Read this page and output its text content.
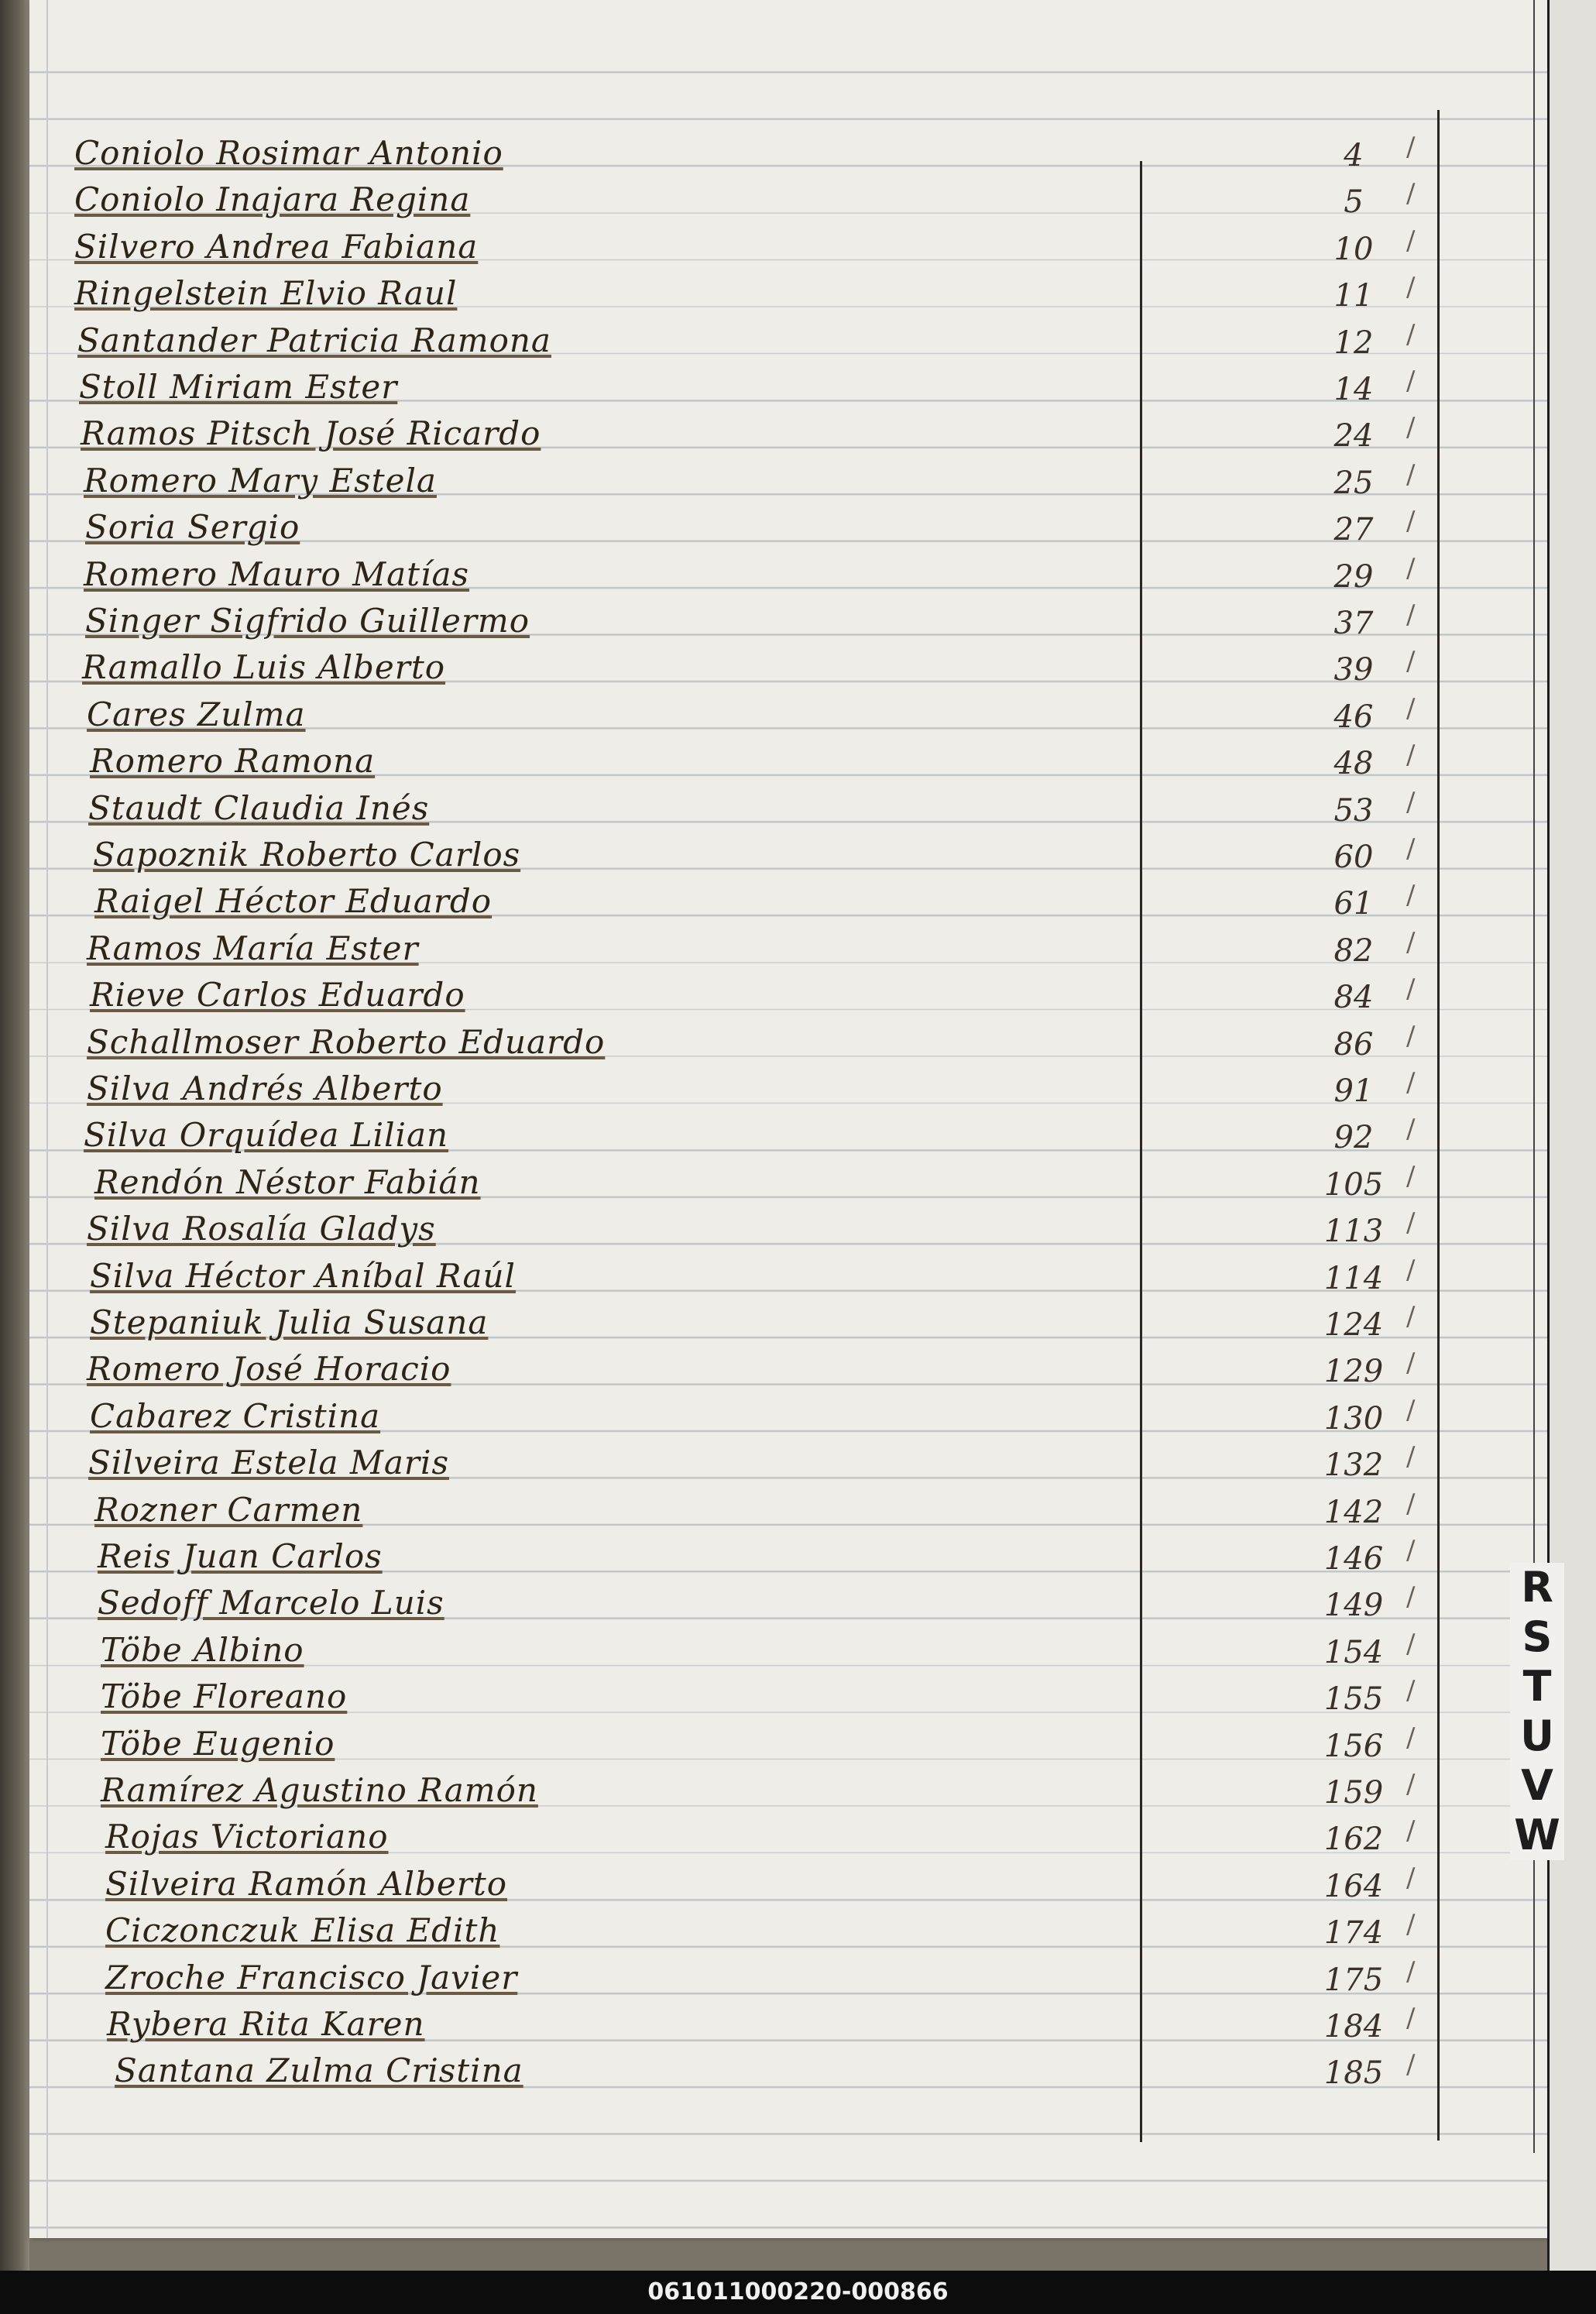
Coniolo Rosimar Antonio	4	/
Coniolo Inajara Regina	5	/
Silvero Andrea Fabiana	10	/
Ringelstein Elvio Raul	11	/
Santander Patricia Ramona	12	/
Stoll Miriam Ester	14	/
Ramos Pitsch José Ricardo	24	/
Romero Mary Estela	25	/
Soria Sergio	27	/
Romero Mauro Matías	29	/
Singer Sigfrido Guillermo	37	/
Ramallo Luis Alberto	39	/
Cares Zulma	46	/
Romero Ramona	48	/
Staudt Claudia Inés	53	/
Sapoznik Roberto Carlos	60	/
Raigel Héctor Eduardo	61	/
Ramos María Ester	82	/
Rieve Carlos Eduardo	84	/
Schallmoser Roberto Eduardo	86	/
Silva Andrés Alberto	91	/
Silva Orquídea Lilian	92	/
Rendón Néstor Fabián	105 /
Silva Rosalía Gladys	113 /
Silva Héctor Aníbal Raúl	114 /
Stepaniuk Julia Susana	124 /
Romero José Horacio	129 /
Cabarez Cristina	130 /
Silveira Estela Maris	132 /
Rozner Carmen	142 /
Reis Juan Carlos	146 /
Sedoff Marcelo Luis	149 /
Töbe Albino	154 /
Töbe Floreano	155 /
Töbe Eugenio	156 /
Ramírez Agustino Ramón	159 /
Rojas Victoriano	162 /
Silveira Ramón Alberto	164 /
Ciczonczuk Elisa Edith	174 /
Zroche Francisco Javier	175 /
Rybera Rita Karen	184 /
Santana Zulma Cristina	185 /
R
S
T
U
V
W
061011000220-000866
